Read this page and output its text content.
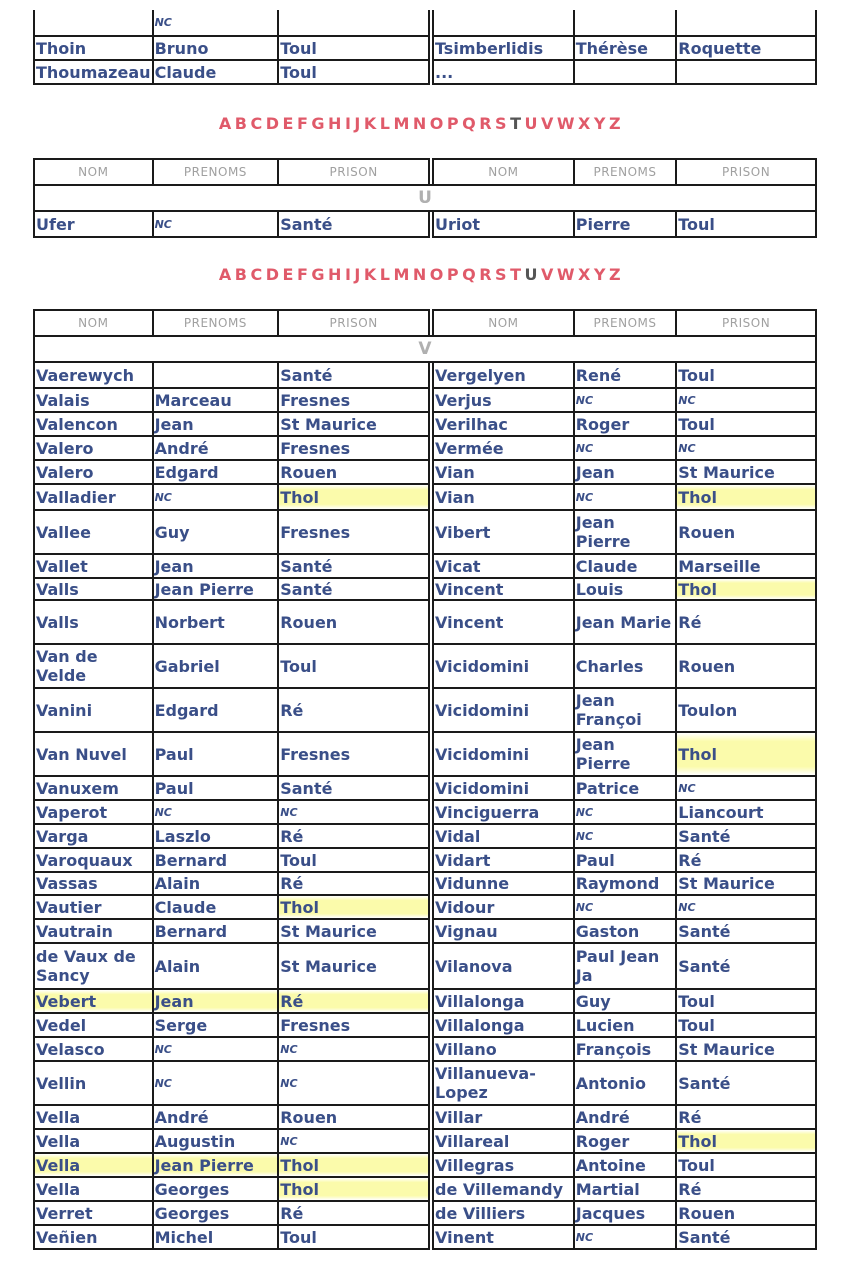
	NC					
Thoin	Bruno	Toul		Tsimberlidis	Thérèse	Roquette
Thoumazeau	Claude	Toul		...		
A B C D E F G H I J K L M N O P Q R S T U V W X Y Z
NOM	PRENOMS	PRISON		NOM	PRENOMS	PRISON
U						
Ufer	NC	Santé		Uriot	Pierre	Toul
A B C D E F G H I J K L M N O P Q R S T U V W X Y Z
NOM	PRENOMS	PRISON		NOM	PRENOMS	PRISON
V						
Vaerewych		Santé		Vergelyen	René	Toul
Valais	Marceau	Fresnes		Verjus	NC	NC
Valencon	Jean	St Maurice		Verilhac	Roger	Toul
Valero	André	Fresnes		Vermée	NC	NC
Valero	Edgard	Rouen		Vian	Jean	St Maurice
Valladier	NC	Thol		Vian	NC	Thol
Vallee	Guy	Fresnes		Vibert	Jean Pierre	Rouen
Vallet	Jean	Santé		Vicat	Claude	Marseille
Valls	Jean Pierre	Santé		Vincent	Louis	Thol
Valls	Norbert	Rouen		Vincent	Jean Marie	Ré
Van de Velde	Gabriel	Toul		Vicidomini	Charles	Rouen
Vanini	Edgard	Ré		Vicidomini	Jean Françoi	Toulon
Van Nuvel	Paul	Fresnes		Vicidomini	Jean Pierre	Thol
Vanuxem	Paul	Santé		Vicidomini	Patrice	NC
Vaperot	NC	NC		Vinciguerra	NC	Liancourt
Varga	Laszlo	Ré		Vidal	NC	Santé
Varoquaux	Bernard	Toul		Vidart	Paul	Ré
Vassas	Alain	Ré		Vidunne	Raymond	St Maurice
Vautier	Claude	Thol		Vidour	NC	NC
Vautrain	Bernard	St Maurice		Vignau	Gaston	Santé
de Vaux de Sancy	Alain	St Maurice		Vilanova	Paul Jean Ja	Santé
Vebert	Jean	Ré		Villalonga	Guy	Toul
Vedel	Serge	Fresnes		Villalonga	Lucien	Toul
Velasco	NC	NC		Villano	François	St Maurice
Vellin	NC	NC		Villanueva-Lopez	Antonio	Santé
Vella	André	Rouen		Villar	André	Ré
Vella	Augustin	NC		Villareal	Roger	Thol
Vella	Jean Pierre	Thol		Villegras	Antoine	Toul
Vella	Georges	Thol		de Villemandy	Martial	Ré
Verret	Georges	Ré		de Villiers	Jacques	Rouen
Veñien	Michel	Toul		Vinent	NC	Santé
